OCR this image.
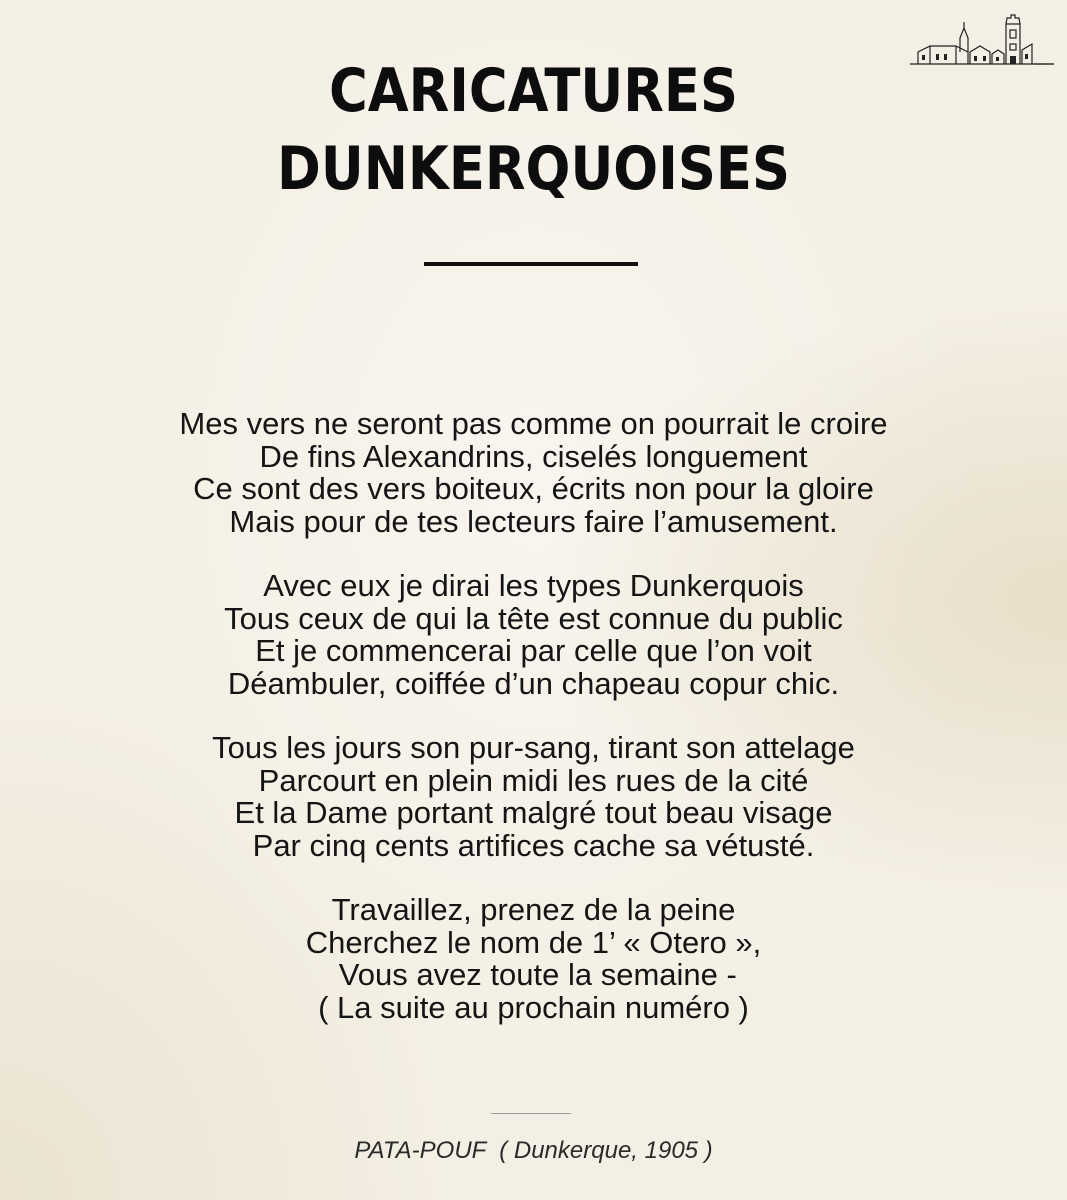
CARICATURES
DUNKERQUOISES
Mes vers ne seront pas comme on pourrait le croire
De fins Alexandrins, ciselés longuement
Ce sont des vers boiteux, écrits non pour la gloire
Mais pour de tes lecteurs faire l’amusement.
Avec eux je dirai les types Dunkerquois
Tous ceux de qui la tête est connue du public
Et je commencerai par celle que l’on voit
Déambuler, coiffée d’un chapeau copur chic.
Tous les jours son pur-sang, tirant son attelage
Parcourt en plein midi les rues de la cité
Et la Dame portant malgré tout beau visage
Par cinq cents artifices cache sa vétusté.
Travaillez, prenez de la peine
Cherchez le nom de 1’ « Otero »,
Vous avez toute la semaine -
( La suite au prochain numéro )
PATA-POUF  ( Dunkerque, 1905 )
